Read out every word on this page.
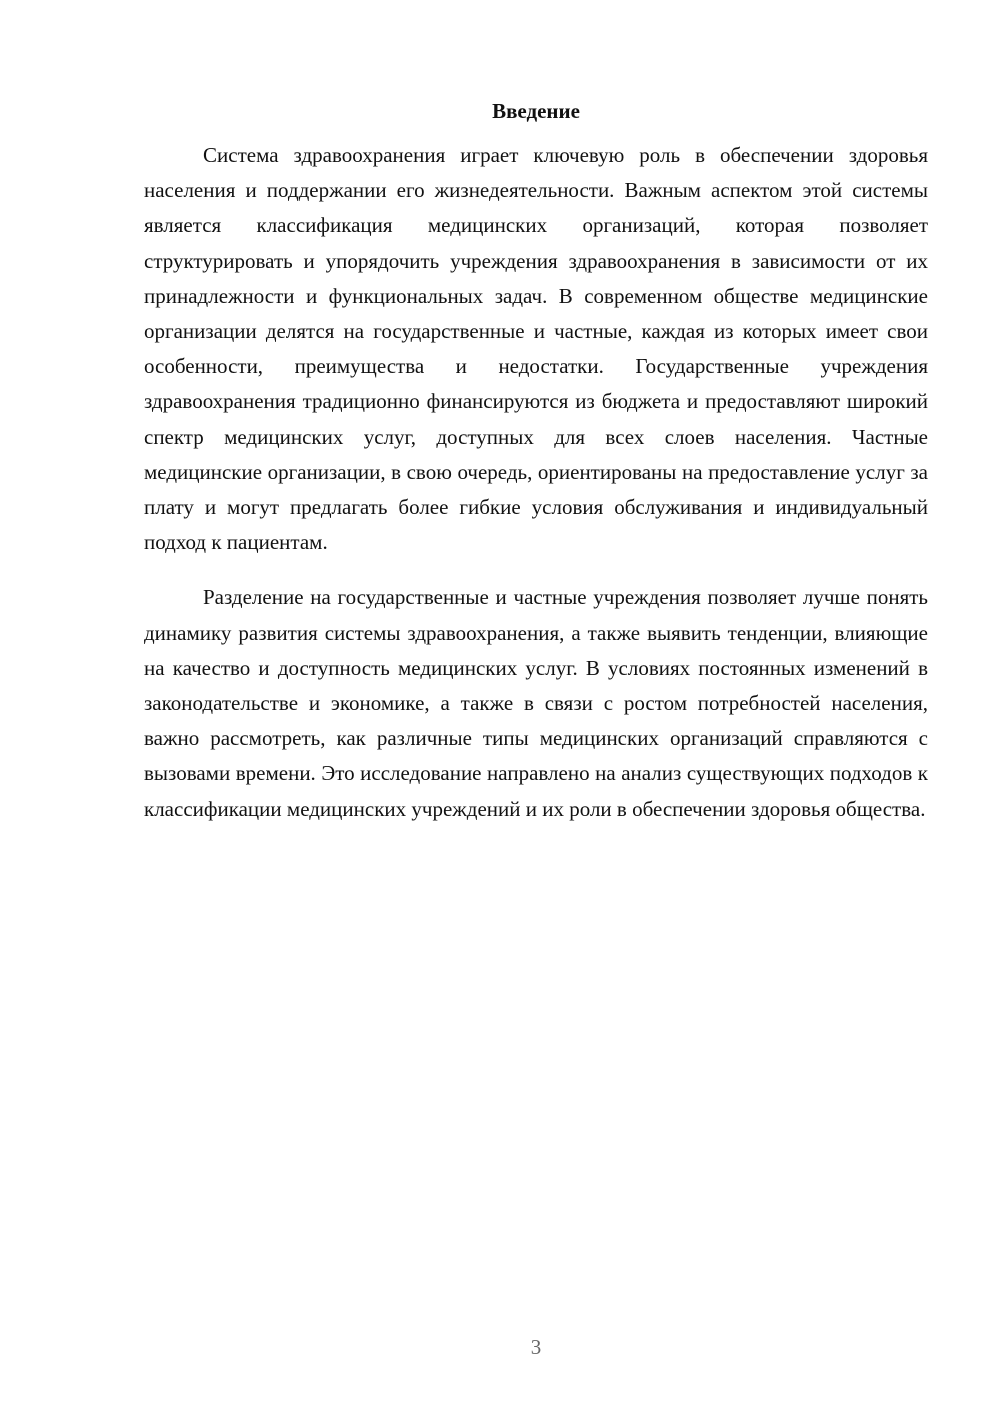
Введение

Система здравоохранения играет ключевую роль в обеспечении здоровья населения и поддержании его жизнедеятельности. Важным аспектом этой системы является классификация медицинских организаций, которая позволяет структурировать и упорядочить учреждения здравоохранения в зависимости от их принадлежности и функциональных задач. В современном обществе медицинские организации делятся на государственные и частные, каждая из которых имеет свои особенности, преимущества и недостатки. Государственные учреждения здравоохранения традиционно финансируются из бюджета и предоставляют широкий спектр медицинских услуг, доступных для всех слоев населения. Частные медицинские организации, в свою очередь, ориентированы на предоставление услуг за плату и могут предлагать более гибкие условия обслуживания и индивидуальный подход к пациентам.

Разделение на государственные и частные учреждения позволяет лучше понять динамику развития системы здравоохранения, а также выявить тенденции, влияющие на качество и доступность медицинских услуг. В условиях постоянных изменений в законодательстве и экономике, а также в связи с ростом потребностей населения, важно рассмотреть, как различные типы медицинских организаций справляются с вызовами времени. Это исследование направлено на анализ существующих подходов к классификации медицинских учреждений и их роли в обеспечении здоровья общества.

3
